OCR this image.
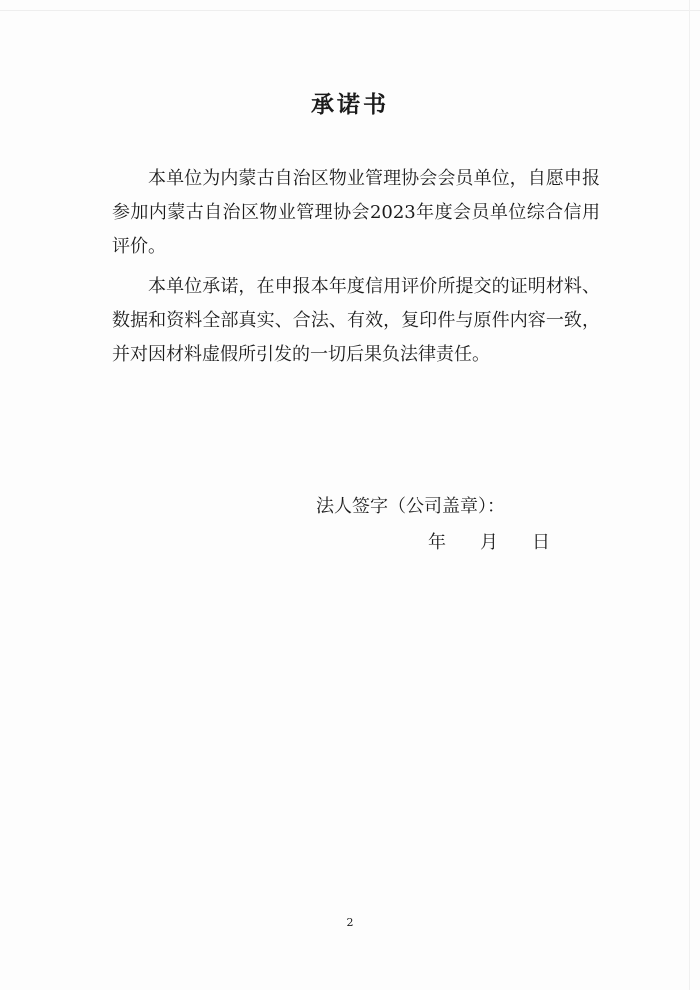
承诺书
本单位为内蒙古自治区物业管理协会会员单位，自愿申报参加内蒙古自治区物业管理协会2023年度会员单位综合信用评价。
本单位承诺，在申报本年度信用评价所提交的证明材料、数据和资料全部真实、合法、有效，复印件与原件内容一致，并对因材料虚假所引发的一切后果负法律责任。
法人签字（公司盖章）：
年 月 日
2
